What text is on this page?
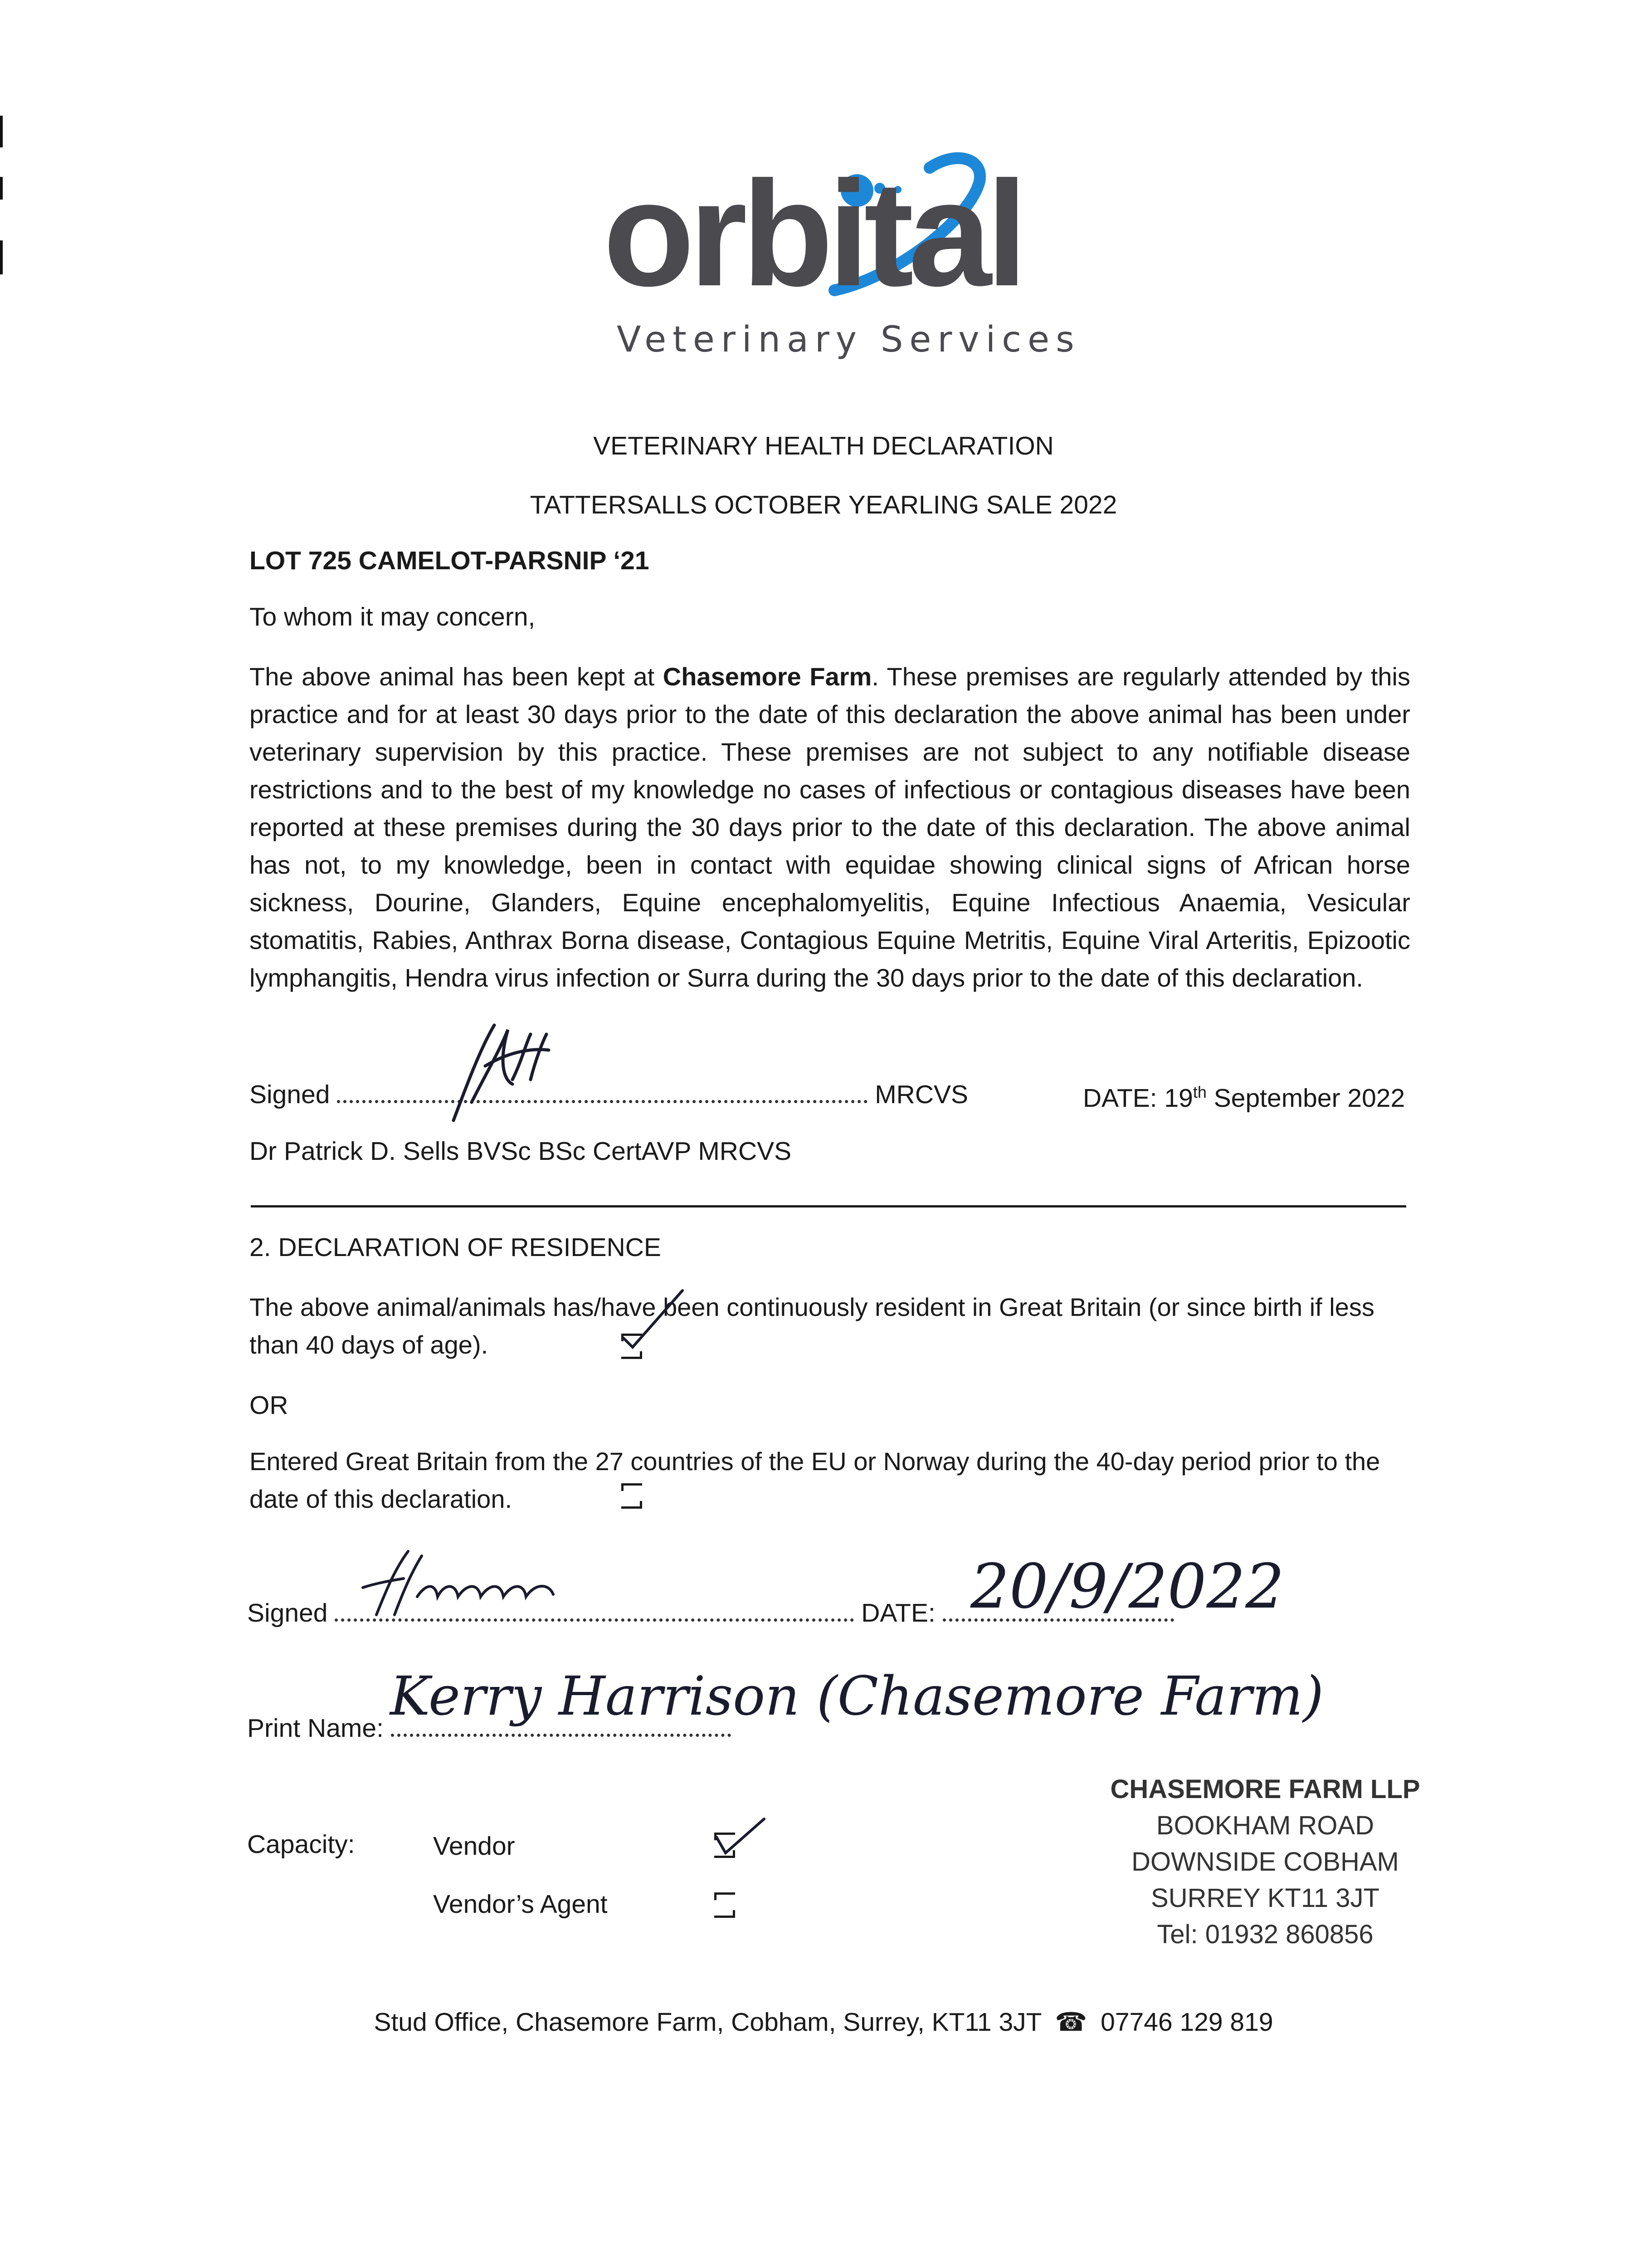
orbital
Veterinary Services
VETERINARY HEALTH DECLARATION
TATTERSALLS OCTOBER YEARLING SALE 2022
LOT 725 CAMELOT-PARSNIP ‘21
To whom it may concern,
The above animal has been kept at Chasemore Farm. These premises are regularly attended by this practice and for at least 30 days prior to the date of this declaration the above animal has been under veterinary supervision by this practice. These premises are not subject to any notifiable disease restrictions and to the best of my knowledge no cases of infectious or contagious diseases have been reported at these premises during the 30 days prior to the date of this declaration. The above animal has not, to my knowledge, been in contact with equidae showing clinical signs of African horse sickness, Dourine, Glanders, Equine encephalomyelitis, Equine Infectious Anaemia, Vesicular stomatitis, Rabies, Anthrax Borna disease, Contagious Equine Metritis, Equine Viral Arteritis, Epizootic lymphangitis, Hendra virus infection or Surra during the 30 days prior to the date of this declaration.
Signed	MRCVS	DATE: 19th September 2022
Dr Patrick D. Sells BVSc BSc CertAVP MRCVS
2. DECLARATION OF RESIDENCE
The above animal/animals has/have been continuously resident in Great Britain (or since birth if less than 40 days of age).
OR
Entered Great Britain from the 27 countries of the EU or Norway during the 40-day period prior to the date of this declaration.
Signed	DATE: 20/9/2022
Print Name:
Kerry Harrison (Chasemore Farm)
Capacity:	Vendor
Vendor’s Agent
CHASEMORE FARM LLP
BOOKHAM ROAD
DOWNSIDE COBHAM
SURREY KT11 3JT
Tel: 01932 860856
Stud Office, Chasemore Farm, Cobham, Surrey, KT11 3JT ☎ 07746 129 819
